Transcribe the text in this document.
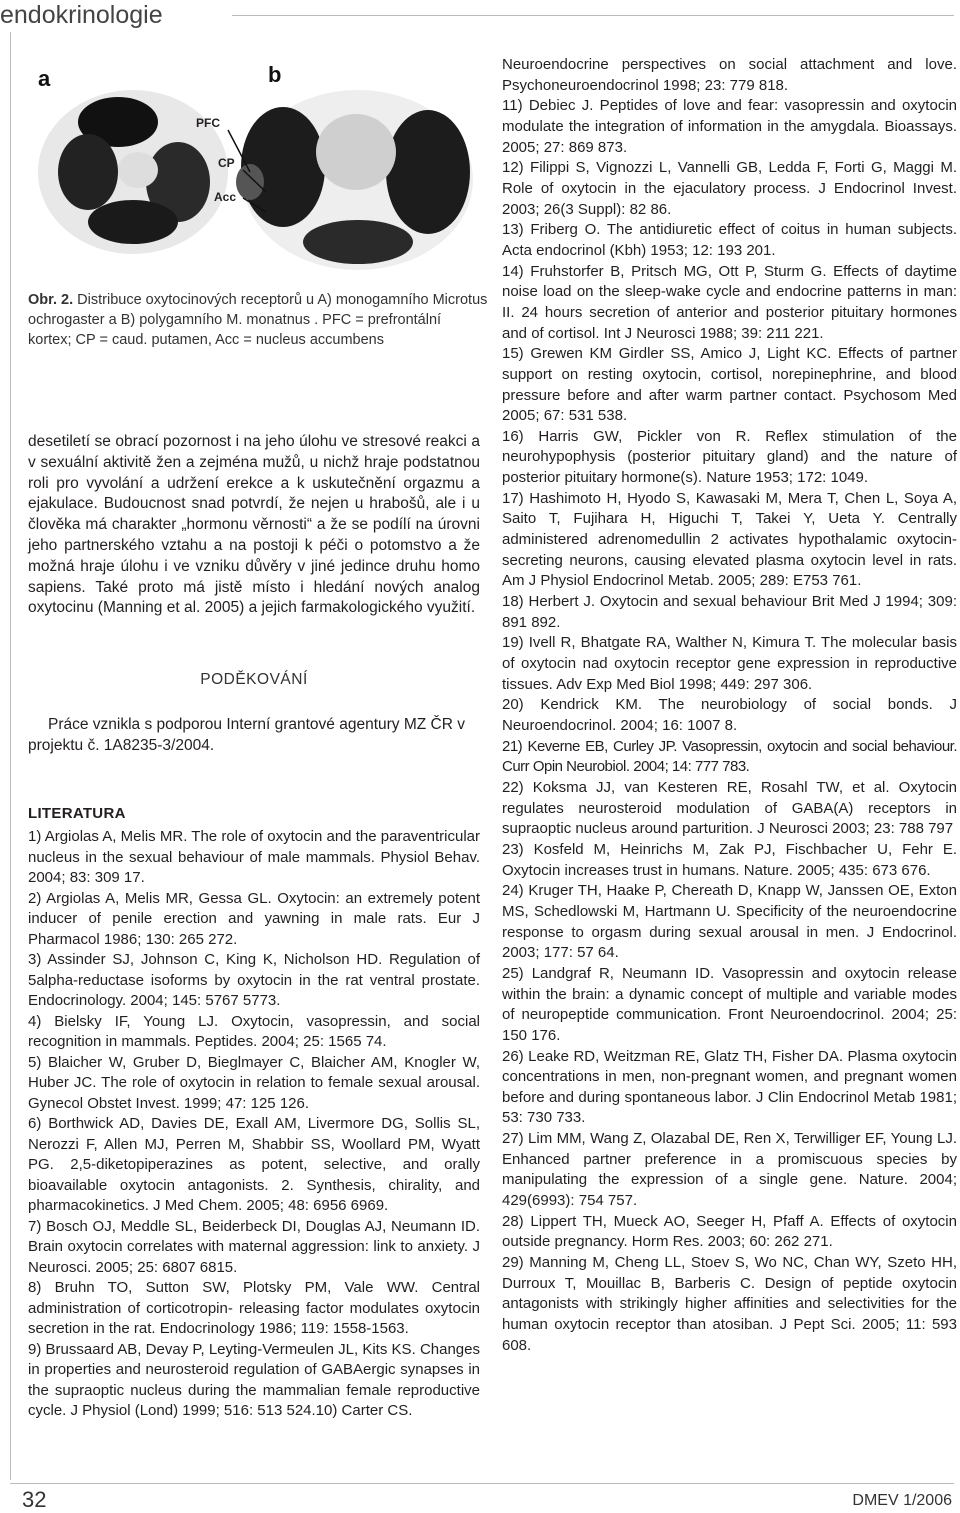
endokrinologie
a	b
PFC
CP
Acc
Obr. 2. Distribuce oxytocinových receptorů u A) monogamního Microtus ochrogaster a B) polygamního M. monatnus . PFC = prefrontální kortex; CP = caud. putamen, Acc = nucleus accumbens

desetiletí se obrací pozornost i na jeho úlohu ve stresové reakci a v sexuální aktivitě žen a zejména mužů, u nichž hraje podstatnou roli pro vyvolání a udržení erekce a k uskutečnění orgazmu a ejakulace. Budoucnost snad potvrdí, že nejen u hrabošů, ale i u člověka má charakter „hormonu věrnosti“ a že se podílí na úrovni jeho partnerského vztahu a na postoji k péči o potomstvo a že možná hraje úlohu i ve vzniku důvěry v jiné jedince druhu homo sapiens. Také proto má jistě místo i hledání nových analog oxytocinu (Manning et al. 2005) a jejich farmakologického využití.

PODĚKOVÁNÍ

Práce vznikla s podporou Interní grantové agentury MZ ČR v projektu č. 1A8235-3/2004.

LITERATURA

1) Argiolas A, Melis MR. The role of oxytocin and the paraventricular nucleus in the sexual behaviour of male mammals. Physiol Behav. 2004; 83: 309 17.

2) Argiolas A, Melis MR, Gessa GL. Oxytocin: an extremely potent inducer of penile erection and yawning in male rats. Eur J Pharmacol 1986; 130: 265 272.

3) Assinder SJ, Johnson C, King K, Nicholson HD. Regulation of 5alpha-reductase isoforms by oxytocin in the rat ventral prostate. Endocrinology. 2004; 145: 5767 5773.

4) Bielsky IF, Young LJ. Oxytocin, vasopressin, and social recognition in mammals. Peptides. 2004; 25: 1565 74.

5) Blaicher W, Gruber D, Bieglmayer C, Blaicher AM, Knogler W, Huber JC. The role of oxytocin in relation to female sexual arousal. Gynecol Obstet Invest. 1999; 47: 125 126.

6) Borthwick AD, Davies DE, Exall AM, Livermore DG, Sollis SL, Nerozzi F, Allen MJ, Perren M, Shabbir SS, Woollard PM, Wyatt PG. 2,5-diketopiperazines as potent, selective, and orally bioavailable oxytocin antagonists. 2. Synthesis, chirality, and pharmacokinetics. J Med Chem. 2005; 48: 6956 6969.

7) Bosch OJ, Meddle SL, Beiderbeck DI, Douglas AJ, Neumann ID. Brain oxytocin correlates with maternal aggression: link to anxiety. J Neurosci. 2005; 25: 6807 6815.

8) Bruhn TO, Sutton SW, Plotsky PM, Vale WW. Central administration of corticotropin- releasing factor modulates oxytocin secretion in the rat. Endocrinology 1986; 119: 1558-1563.

9) Brussaard AB, Devay P, Leyting-Vermeulen JL, Kits KS. Changes in properties and neurosteroid regulation of GABAergic synapses in the supraoptic nucleus during the mammalian female reproductive cycle. J Physiol (Lond) 1999; 516: 513 524.10) Carter CS.

Neuroendocrine perspectives on social attachment and love. Psychoneuroendocrinol 1998; 23: 779 818.

11) Debiec J. Peptides of love and fear: vasopressin and oxytocin modulate the integration of information in the amygdala. Bioassays. 2005; 27: 869 873.

12) Filippi S, Vignozzi L, Vannelli GB, Ledda F, Forti G, Maggi M. Role of oxytocin in the ejaculatory process. J Endocrinol Invest. 2003; 26(3 Suppl): 82 86.

13) Friberg O. The antidiuretic effect of coitus in human subjects. Acta endocrinol (Kbh) 1953; 12: 193 201.

14) Fruhstorfer B, Pritsch MG, Ott P, Sturm G. Effects of daytime noise load on the sleep-wake cycle and endocrine patterns in man: II. 24 hours secretion of anterior and posterior pituitary hormones and of cortisol. Int J Neurosci 1988; 39: 211 221.

15) Grewen KM Girdler SS, Amico J, Light KC. Effects of partner support on resting oxytocin, cortisol, norepinephrine, and blood pressure before and after warm partner contact. Psychosom Med 2005; 67: 531 538.

16) Harris GW, Pickler von R. Reflex stimulation of the neurohypophysis (posterior pituitary gland) and the nature of posterior pituitary hormone(s). Nature 1953; 172: 1049.

17) Hashimoto H, Hyodo S, Kawasaki M, Mera T, Chen L, Soya A, Saito T, Fujihara H, Higuchi T, Takei Y, Ueta Y. Centrally administered adrenomedullin 2 activates hypothalamic oxytocin-secreting neurons, causing elevated plasma oxytocin level in rats. Am J Physiol Endocrinol Metab. 2005; 289: E753 761.

18) Herbert J. Oxytocin and sexual behaviour Brit Med J 1994; 309: 891 892.

19) Ivell R, Bhatgate RA, Walther N, Kimura T. The molecular basis of oxytocin nad oxytocin receptor gene expression in reproductive tissues. Adv Exp Med Biol 1998; 449: 297 306.

20) Kendrick KM. The neurobiology of social bonds. J Neuroendocrinol. 2004; 16: 1007 8.

21) Keverne EB, Curley JP. Vasopressin, oxytocin and social behaviour. Curr Opin Neurobiol. 2004; 14: 777 783.

22) Koksma JJ, van Kesteren RE, Rosahl TW, et al. Oxytocin regulates neurosteroid modulation of GABA(A) receptors in supraoptic nucleus around parturition. J Neurosci 2003; 23: 788 797

23) Kosfeld M, Heinrichs M, Zak PJ, Fischbacher U, Fehr E. Oxytocin increases trust in humans. Nature. 2005; 435: 673 676.

24) Kruger TH, Haake P, Chereath D, Knapp W, Janssen OE, Exton MS, Schedlowski M, Hartmann U. Specificity of the neuroendocrine response to orgasm during sexual arousal in men. J Endocrinol. 2003; 177: 57 64.

25) Landgraf R, Neumann ID. Vasopressin and oxytocin release within the brain: a dynamic concept of multiple and variable modes of neuropeptide communication. Front Neuroendocrinol. 2004; 25: 150 176.

26) Leake RD, Weitzman RE, Glatz TH, Fisher DA. Plasma oxytocin concentrations in men, non-pregnant women, and pregnant women before and during spontaneous labor. J Clin Endocrinol Metab 1981; 53: 730 733.

27) Lim MM, Wang Z, Olazabal DE, Ren X, Terwilliger EF, Young LJ. Enhanced partner preference in a promiscuous species by manipulating the expression of a single gene. Nature. 2004; 429(6993): 754 757.

28) Lippert TH, Mueck AO, Seeger H, Pfaff A. Effects of oxytocin outside pregnancy. Horm Res. 2003; 60: 262 271.

29) Manning M, Cheng LL, Stoev S, Wo NC, Chan WY, Szeto HH, Durroux T, Mouillac B, Barberis C. Design of peptide oxytocin antagonists with strikingly higher affinities and selectivities for the human oxytocin receptor than atosiban. J Pept Sci. 2005; 11: 593 608.

32	DMEV 1/2006
